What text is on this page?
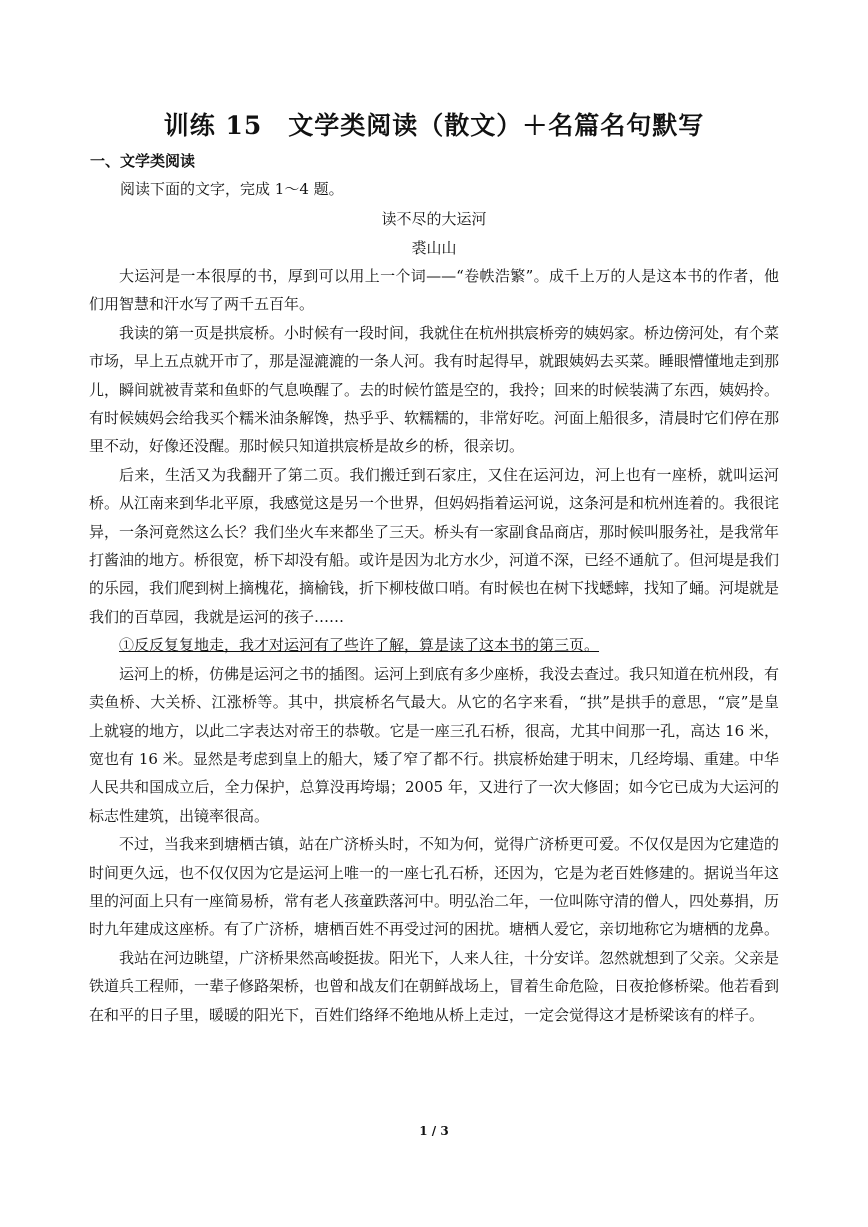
训练 15　文学类阅读（散文）＋名篇名句默写
一、文学类阅读
阅读下面的文字，完成 1～4 题。
读不尽的大运河
裘山山

大运河是一本很厚的书，厚到可以用上一个词——“卷帙浩繁”。成千上万的人是这本书的作者，他们用智慧和汗水写了两千五百年。

我读的第一页是拱宸桥。小时候有一段时间，我就住在杭州拱宸桥旁的姨妈家。桥边傍河处，有个菜市场，早上五点就开市了，那是湿漉漉的一条人河。我有时起得早，就跟姨妈去买菜。睡眼懵懂地走到那儿，瞬间就被青菜和鱼虾的气息唤醒了。去的时候竹篮是空的，我拎；回来的时候装满了东西，姨妈拎。有时候姨妈会给我买个糯米油条解馋，热乎乎、软糯糯的，非常好吃。河面上船很多，清晨时它们停在那里不动，好像还没醒。那时候只知道拱宸桥是故乡的桥，很亲切。

后来，生活又为我翻开了第二页。我们搬迁到石家庄，又住在运河边，河上也有一座桥，就叫运河桥。从江南来到华北平原，我感觉这是另一个世界，但妈妈指着运河说，这条河是和杭州连着的。我很诧异，一条河竟然这么长？我们坐火车来都坐了三天。桥头有一家副食品商店，那时候叫服务社，是我常年打酱油的地方。桥很宽，桥下却没有船。或许是因为北方水少，河道不深，已经不通航了。但河堤是我们的乐园，我们爬到树上摘槐花，摘榆钱，折下柳枝做口哨。有时候也在树下找蟋蟀，找知了蛹。河堤就是我们的百草园，我就是运河的孩子……

①反反复复地走，我才对运河有了些许了解，算是读了这本书的第三页。

运河上的桥，仿佛是运河之书的插图。运河上到底有多少座桥，我没去查过。我只知道在杭州段，有卖鱼桥、大关桥、江涨桥等。其中，拱宸桥名气最大。从它的名字来看，“拱”是拱手的意思，“宸”是皇上就寝的地方，以此二字表达对帝王的恭敬。它是一座三孔石桥，很高，尤其中间那一孔，高达 16 米，宽也有 16 米。显然是考虑到皇上的船大，矮了窄了都不行。拱宸桥始建于明末，几经垮塌、重建。中华人民共和国成立后，全力保护，总算没再垮塌；2005 年，又进行了一次大修固；如今它已成为大运河的标志性建筑，出镜率很高。

不过，当我来到塘栖古镇，站在广济桥头时，不知为何，觉得广济桥更可爱。不仅仅是因为它建造的时间更久远，也不仅仅因为它是运河上唯一的一座七孔石桥，还因为，它是为老百姓修建的。据说当年这里的河面上只有一座简易桥，常有老人孩童跌落河中。明弘治二年，一位叫陈守清的僧人，四处募捐，历时九年建成这座桥。有了广济桥，塘栖百姓不再受过河的困扰。塘栖人爱它，亲切地称它为塘栖的龙鼻。

我站在河边眺望，广济桥果然高峻挺拔。阳光下，人来人往，十分安详。忽然就想到了父亲。父亲是铁道兵工程师，一辈子修路架桥，也曾和战友们在朝鲜战场上，冒着生命危险，日夜抢修桥梁。他若看到在和平的日子里，暖暖的阳光下，百姓们络绎不绝地从桥上走过，一定会觉得这才是桥梁该有的样子。

1 / 3
